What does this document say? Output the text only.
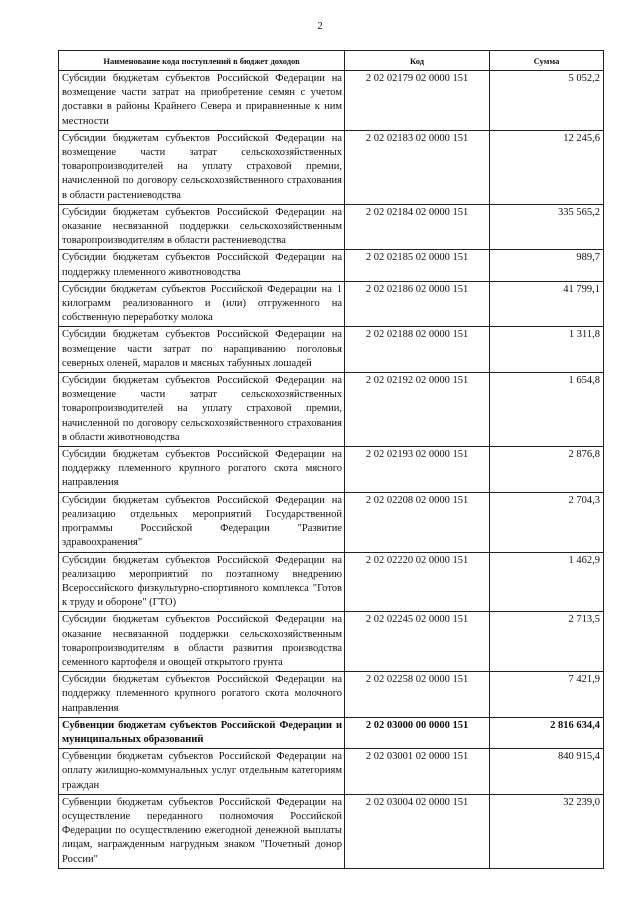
2
Наименование кода поступлений в бюджет доходов	Код	Сумма
Субсидии бюджетам субъектов Российской Федерации на возмещение части затрат на приобретение семян с учетом доставки в районы Крайнего Севера и приравненные к ним местности	2 02 02179 02 0000 151	5 052,2
Субсидии бюджетам субъектов Российской Федерации на возмещение части затрат сельскохозяйственных товаропроизводителей на уплату страховой премии, начисленной по договору сельскохозяйственного страхования в области растениеводства	2 02 02183 02 0000 151	12 245,6
Субсидии бюджетам субъектов Российской Федерации на оказание несвязанной поддержки сельскохозяйственным товаропроизводителям в области растениеводства	2 02 02184 02 0000 151	335 565,2
Субсидии бюджетам субъектов Российской Федерации на поддержку племенного животноводства	2 02 02185 02 0000 151	989,7
Субсидии бюджетам субъектов Российской Федерации на 1 килограмм реализованного и (или) отгруженного на собственную переработку молока	2 02 02186 02 0000 151	41 799,1
Субсидии бюджетам субъектов Российской Федерации на возмещение части затрат по наращиванию поголовья северных оленей, маралов и мясных табунных лошадей	2 02 02188 02 0000 151	1 311,8
Субсидии бюджетам субъектов Российской Федерации на возмещение части затрат сельскохозяйственных товаропроизводителей на уплату страховой премии, начисленной по договору сельскохозяйственного страхования в области животноводства	2 02 02192 02 0000 151	1 654,8
Субсидии бюджетам субъектов Российской Федерации на поддержку племенного крупного рогатого скота мясного направления	2 02 02193 02 0000 151	2 876,8
Субсидии бюджетам субъектов Российской Федерации на реализацию отдельных мероприятий Государственной программы Российской Федерации "Развитие здравоохранения"	2 02 02208 02 0000 151	2 704,3
Субсидии бюджетам субъектов Российской Федерации на реализацию мероприятий по поэтапному внедрению Всероссийского физкультурно-спортивного комплекса "Готов к труду и обороне" (ГТО)	2 02 02220 02 0000 151	1 462,9
Субсидии бюджетам субъектов Российской Федерации на оказание несвязанной поддержки сельскохозяйственным товаропроизводителям в области развития производства семенного картофеля и овощей открытого грунта	2 02 02245 02 0000 151	2 713,5
Субсидии бюджетам субъектов Российской Федерации на поддержку племенного крупного рогатого скота молочного направления	2 02 02258 02 0000 151	7 421,9
Субвенции бюджетам субъектов Российской Федерации и муниципальных образований	2 02 03000 00 0000 151	2 816 634,4
Субвенции бюджетам субъектов Российской Федерации на оплату жилищно-коммунальных услуг отдельным категориям граждан	2 02 03001 02 0000 151	840 915,4
Субвенции бюджетам субъектов Российской Федерации на осуществление переданного полномочия Российской Федерации по осуществлению ежегодной денежной выплаты лицам, награжденным нагрудным знаком "Почетный донор России"	2 02 03004 02 0000 151	32 239,0
